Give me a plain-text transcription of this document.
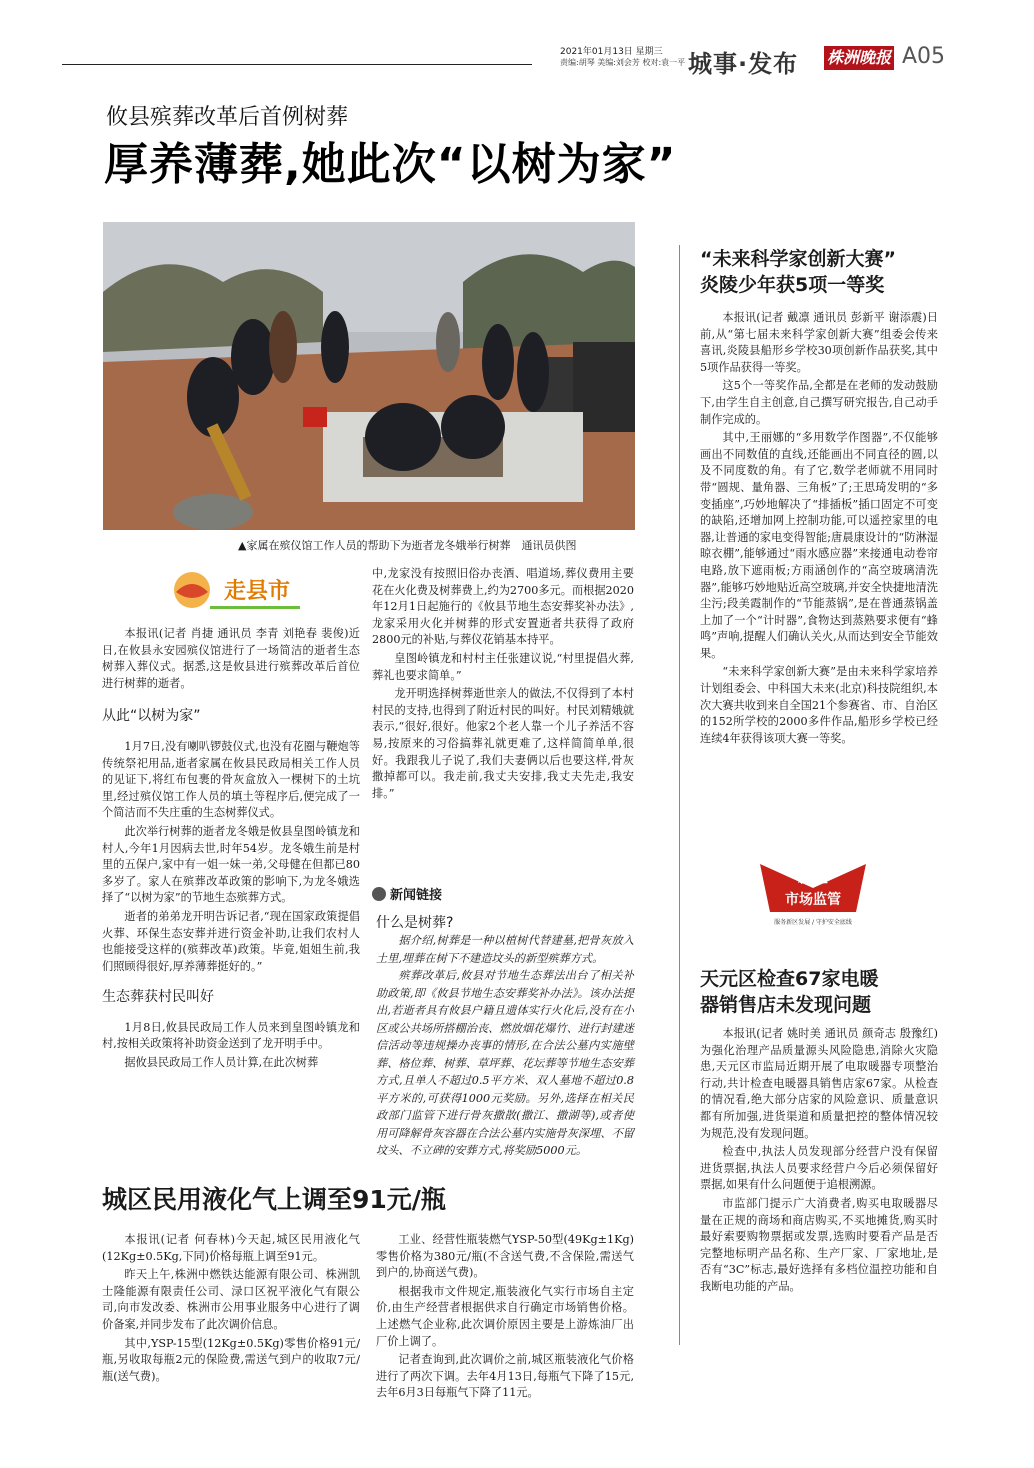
2021年01月13日 星期三
责编:胡琴 美编:刘会芳 校对:袁一平 城事·发布 株洲晚报 A05
攸县殡葬改革后首例树葬
厚养薄葬,她此次“以树为家”
▲家属在殡仪馆工作人员的帮助下为逝者龙冬娥举行树葬　通讯员供图
走县市

本报讯(记者 肖捷 通讯员 李青 刘艳春 裴俊)近日,在攸县永安园殡仪馆进行了一场简洁的逝者生态树葬入葬仪式。据悉,这是攸县进行殡葬改革后首位进行树葬的逝者。

从此“以树为家”

1月7日,没有喇叭锣鼓仪式,也没有花圈与鞭炮等传统祭祀用品,逝者家属在攸县民政局相关工作人员的见证下,将红布包裹的骨灰盒放入一棵树下的土坑里,经过殡仪馆工作人员的填土等程序后,便完成了一个简洁而不失庄重的生态树葬仪式。

此次举行树葬的逝者龙冬娥是攸县皇图岭镇龙和村人,今年1月因病去世,时年54岁。龙冬娥生前是村里的五保户,家中有一姐一妹一弟,父母健在但都已80多岁了。家人在殡葬改革政策的影响下,为龙冬娥选择了“以树为家”的节地生态殡葬方式。

逝者的弟弟龙开明告诉记者,“现在国家政策提倡火葬、环保生态安葬并进行资金补助,让我们农村人也能接受这样的(殡葬改革)政策。毕竟,姐姐生前,我们照顾得很好,厚养薄葬挺好的。”

生态葬获村民叫好

1月8日,攸县民政局工作人员来到皇图岭镇龙和村,按相关政策将补助资金送到了龙开明手中。

据攸县民政局工作人员计算,在此次树葬

中,龙家没有按照旧俗办丧酒、唱道场,葬仪费用主要花在火化费及树葬费上,约为2700多元。而根据2020年12月1日起施行的《攸县节地生态安葬奖补办法》,龙家采用火化并树葬的形式安置逝者共获得了政府2800元的补贴,与葬仪花销基本持平。

皇图岭镇龙和村村主任张建议说,“村里提倡火葬,葬礼也要求简单。”

龙开明选择树葬逝世亲人的做法,不仅得到了本村村民的支持,也得到了附近村民的叫好。村民刘精娥就表示,“很好,很好。他家2个老人靠一个儿子养活不容易,按原来的习俗搞葬礼就更难了,这样简简单单,很好。我跟我儿子说了,我们夫妻俩以后也要这样,骨灰撒掉都可以。我走前,我丈夫安排,我丈夫先走,我安排。”

新闻链接
什么是树葬?

据介绍,树葬是一种以植树代替建墓,把骨灰放入土里,埋葬在树下不建造坟头的新型殡葬方式。

殡葬改革后,攸县对节地生态葬法出台了相关补助政策,即《攸县节地生态安葬奖补办法》。该办法提出,若逝者具有攸县户籍且遗体实行火化后,没有在小区或公共场所搭棚治丧、燃放烟花爆竹、进行封建迷信活动等违规操办丧事的情形,在合法公墓内实施壁葬、格位葬、树葬、草坪葬、花坛葬等节地生态安葬方式,且单人不超过0.5平方米、双人墓地不超过0.8平方米的,可获得1000元奖励。另外,选择在相关民政部门监管下进行骨灰撒散(撒江、撒湖等),或者使用可降解骨灰容器在合法公墓内实施骨灰深埋、不留坟头、不立碑的安葬方式,将奖励5000元。

城区民用液化气上调至91元/瓶

本报讯(记者 何春林)今天起,城区民用液化气(12Kg±0.5Kg,下同)价格每瓶上调至91元。

昨天上午,株洲中燃铁达能源有限公司、株洲凯士隆能源有限责任公司、渌口区祝平液化气有限公司,向市发改委、株洲市公用事业服务中心进行了调价备案,并同步发布了此次调价信息。

其中,YSP-15型(12Kg±0.5Kg)零售价格91元/瓶,另收取每瓶2元的保险费,需送气到户的收取7元/瓶(送气费)。

工业、经营性瓶装燃气YSP-50型(49Kg±1Kg)零售价格为380元/瓶(不含送气费,不含保险,需送气到户的,协商送气费)。

根据我市文件规定,瓶装液化气实行市场自主定价,由生产经营者根据供求自行确定市场销售价格。上述燃气企业称,此次调价原因主要是上游炼油厂出厂价上调了。

记者查询到,此次调价之前,城区瓶装液化气价格进行了两次下调。去年4月13日,每瓶气下降了15元,去年6月3日每瓶气下降了11元。

“未来科学家创新大赛”
炎陵少年获5项一等奖

本报讯(记者 戴凛 通讯员 彭新平 谢添震)日前,从“第七届未来科学家创新大赛”组委会传来喜讯,炎陵县船形乡学校30项创新作品获奖,其中5项作品获得一等奖。

这5个一等奖作品,全都是在老师的发动鼓励下,由学生自主创意,自己撰写研究报告,自己动手制作完成的。

其中,王丽娜的“多用数学作图器”,不仅能够画出不同数值的直线,还能画出不同直径的圆,以及不同度数的角。有了它,数学老师就不用同时带“圆规、量角器、三角板”了;王思琦发明的“多变插座”,巧妙地解决了“排插板”插口固定不可变的缺陷,还增加网上控制功能,可以遥控家里的电器,让普通的家电变得智能;唐晨康设计的“防淋湿晾衣棚”,能够通过“雨水感应器”来接通电动卷帘电路,放下遮雨板;方雨涵创作的“高空玻璃清洗器”,能够巧妙地贴近高空玻璃,并安全快捷地清洗尘污;段美霞制作的“节能蒸锅”,是在普通蒸锅盖上加了一个“计时器”,食物达到蒸熟要求便有“蜂鸣”声响,提醒人们确认关火,从而达到安全节能效果。

“未来科学家创新大赛”是由未来科学家培养计划组委会、中科国大未来(北京)科技院组织,本次大赛共收到来自全国21个参赛省、市、自治区的152所学校的2000多件作品,船形乡学校已经连续4年获得该项大赛一等奖。

新区
市场监管
服务新区发展 / 守护安全底线
天元区检查67家电暖
器销售店未发现问题

本报讯(记者 姚时美 通讯员 颜奇志 殷豫红)为强化治理产品质量源头风险隐患,消除火灾隐患,天元区市监局近期开展了电取暖器专项整治行动,共计检查电暖器具销售店家67家。从检查的情况看,绝大部分店家的风险意识、质量意识都有所加强,进货渠道和质量把控的整体情况较为规范,没有发现问题。

检查中,执法人员发现部分经营户没有保留进货票据,执法人员要求经营户今后必须保留好票据,如果有什么问题便于追根溯源。

市监部门提示广大消费者,购买电取暖器尽量在正规的商场和商店购买,不买地摊货,购买时最好索要购物票据或发票,选购时要看产品是否完整地标明产品名称、生产厂家、厂家地址,是否有“3C”标志,最好选择有多档位温控功能和自我断电功能的产品。
